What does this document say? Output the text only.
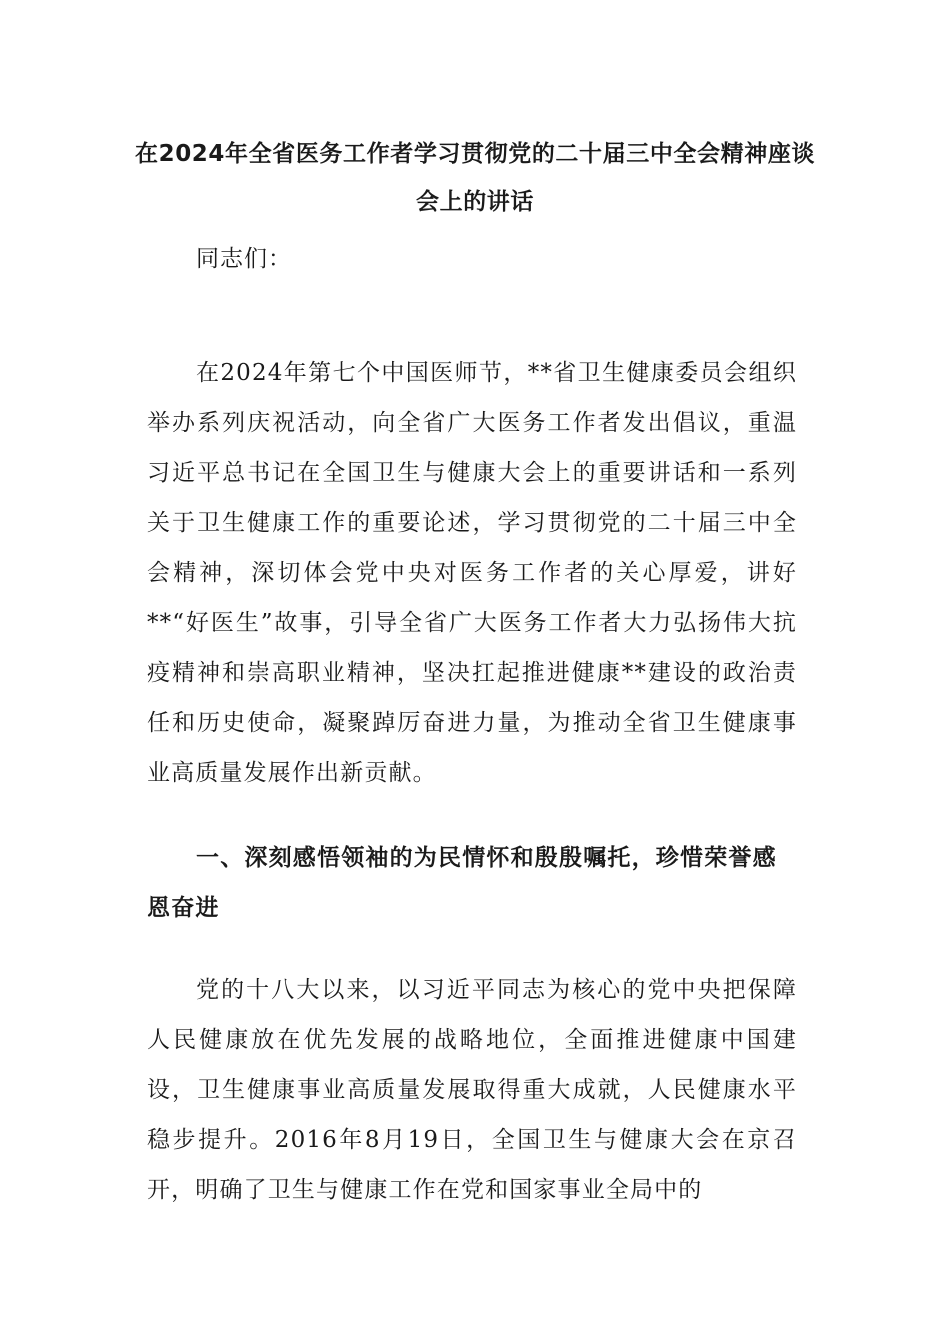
在2024年全省医务工作者学习贯彻党的二十届三中全会精神座谈会上的讲话

同志们：

在2024年第七个中国医师节，**省卫生健康委员会组织举办系列庆祝活动，向全省广大医务工作者发出倡议，重温习近平总书记在全国卫生与健康大会上的重要讲话和一系列关于卫生健康工作的重要论述，学习贯彻党的二十届三中全会精神，深切体会党中央对医务工作者的关心厚爱，讲好**“好医生”故事，引导全省广大医务工作者大力弘扬伟大抗疫精神和崇高职业精神，坚决扛起推进健康**建设的政治责任和历史使命，凝聚踔厉奋进力量，为推动全省卫生健康事业高质量发展作出新贡献。

一、深刻感悟领袖的为民情怀和殷殷嘱托，珍惜荣誉感恩奋进

党的十八大以来，以习近平同志为核心的党中央把保障人民健康放在优先发展的战略地位，全面推进健康中国建设，卫生健康事业高质量发展取得重大成就，人民健康水平稳步提升。2016年8月19日，全国卫生与健康大会在京召开，明确了卫生与健康工作在党和国家事业全局中的
